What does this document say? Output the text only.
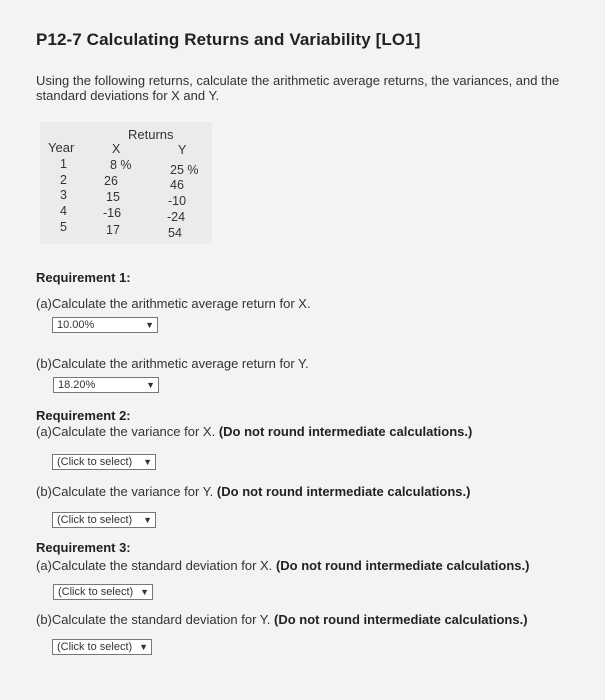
P12-7 Calculating Returns and Variability [LO1]
Using the following returns, calculate the arithmetic average returns, the variances, and the standard deviations for X and Y.
Returns
Year	X	Y
1	8 %	25 %
2	26	46
3	15	-10
4	-16	-24
5	17	54
Requirement 1:
(a)Calculate the arithmetic average return for X.
10.00%	▼
(b)Calculate the arithmetic average return for Y.
18.20%	▼
Requirement 2:
(a)Calculate the variance for X. (Do not round intermediate calculations.)
(Click to select) ▼
(b)Calculate the variance for Y. (Do not round intermediate calculations.)
(Click to select) ▼
Requirement 3:
(a)Calculate the standard deviation for X. (Do not round intermediate calculations.)
(Click to select) ▼
(b)Calculate the standard deviation for Y. (Do not round intermediate calculations.)
(Click to select) ▼
